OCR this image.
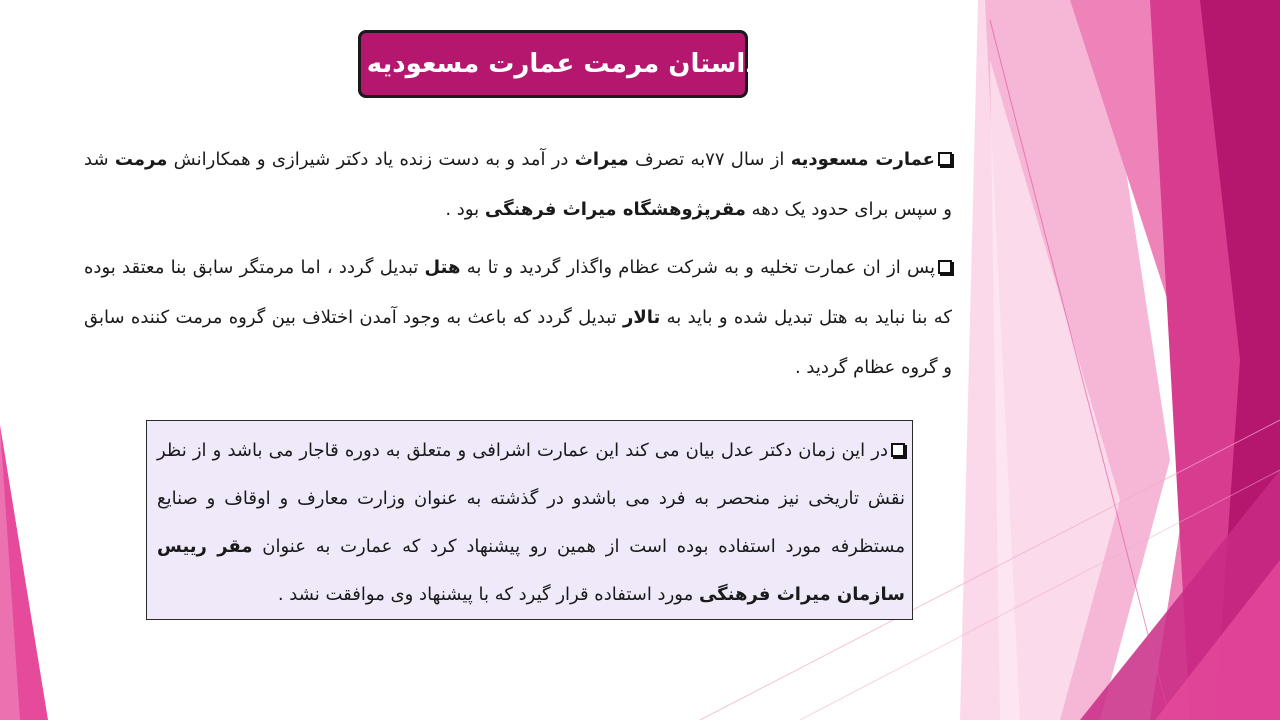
داستان مرمت عمارت مسعودیه :
عمارت مسعودیه از سال ۷۷به تصرف میراث در آمد و به دست زنده یاد دکتر شیرازی و همکارانش مرمت شد و سپس برای حدود یک دهه مقرپژوهشگاه میراث فرهنگی بود .
پس از ان عمارت تخلیه و به شرکت عظام واگذار گردید و تا به هتل تبدیل گردد ، اما مرمتگر سابق بنا معتقد بوده که بنا نباید به هتل تبدیل شده و باید به تالار تبدیل گردد که باعث به وجود آمدن اختلاف بین گروه مرمت کننده سابق و گروه عظام گردید .
در این زمان دکتر عدل بیان می کند این عمارت اشرافی و متعلق به دوره قاجار می باشد و از نظر نقش تاریخی نیز منحصر به فرد می باشدو در گذشته به عنوان وزارت معارف و اوقاف و صنایع مستظرفه مورد استفاده بوده است از همین رو پیشنهاد کرد که عمارت به عنوان مقر رییس سازمان میراث فرهنگی مورد استفاده قرار گیرد که با پیشنهاد وی موافقت نشد .
